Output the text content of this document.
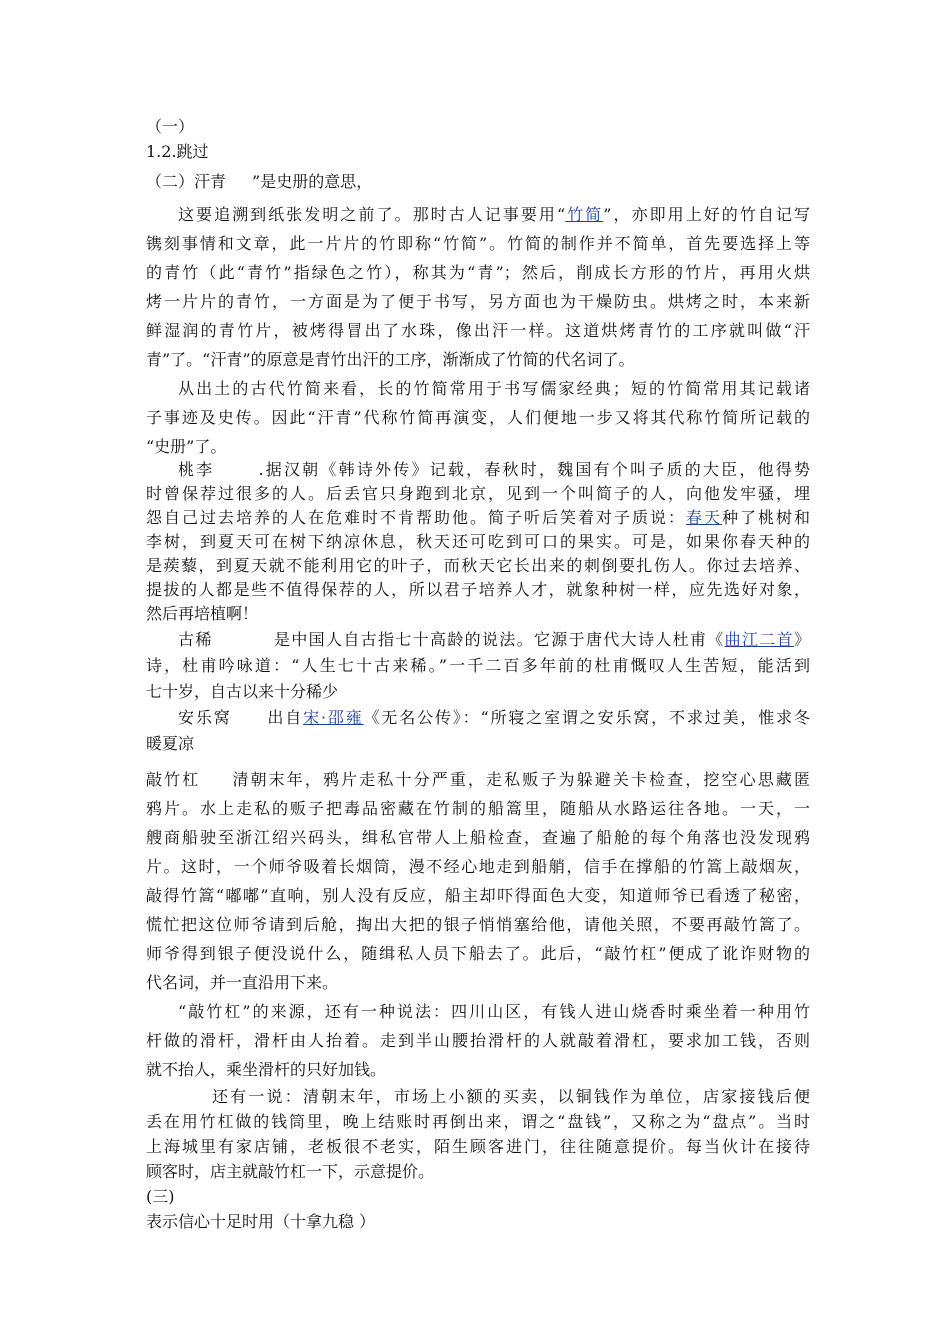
（一）
1.2.跳过
（二）汗青 ”是史册的意思，
这要追溯到纸张发明之前了。那时古人记事要用“竹简”，亦即用上好的竹自记写
镌刻事情和文章，此一片片的竹即称“竹简”。竹简的制作并不简单，首先要选择上等
的青竹（此“青竹”指绿色之竹），称其为“青”；然后，削成长方形的竹片，再用火烘
烤一片片的青竹，一方面是为了便于书写，另方面也为干燥防虫。烘烤之时，本来新
鲜湿润的青竹片，被烤得冒出了水珠，像出汗一样。这道烘烤青竹的工序就叫做“汗
青”了。“汗青”的原意是青竹出汗的工序，渐渐成了竹简的代名词了。
从出土的古代竹简来看，长的竹简常用于书写儒家经典；短的竹简常用其记载诸
子事迹及史传。因此“汗青”代称竹简再演变，人们便地一步又将其代称竹简所记载的
“史册”了。
桃李	.据汉朝《韩诗外传》记载，春秋时，魏国有个叫子质的大臣，他得势
时曾保荐过很多的人。后丢官只身跑到北京，见到一个叫简子的人，向他发牢骚，埋
怨自己过去培养的人在危难时不肯帮助他。简子听后笑着对子质说：春天种了桃树和
李树，到夏天可在树下纳凉休息，秋天还可吃到可口的果实。可是，如果你春天种的
是蒺藜，到夏天就不能利用它的叶子，而秋天它长出来的刺倒要扎伤人。你过去培养、
提拔的人都是些不值得保荐的人，所以君子培养人才，就象种树一样，应先选好对象，
然后再培植啊！
古稀	是中国人自古指七十高龄的说法。它源于唐代大诗人杜甫《曲江二首》
诗，杜甫吟咏道：“人生七十古来稀。”一千二百多年前的杜甫慨叹人生苦短，能活到
七十岁，自古以来十分稀少
安乐窝 出自宋·邵雍《无名公传》：“所寝之室谓之安乐窝，不求过美，惟求冬
暖夏凉
敲竹杠 清朝末年，鸦片走私十分严重，走私贩子为躲避关卡检查，挖空心思藏匿
鸦片。水上走私的贩子把毒品密藏在竹制的船篙里，随船从水路运往各地。一天，一
艘商船驶至浙江绍兴码头，缉私官带人上船检查，查遍了船舱的每个角落也没发现鸦
片。这时，一个师爷吸着长烟筒，漫不经心地走到船艄，信手在撑船的竹篙上敲烟灰，
敲得竹篙“嘟嘟”直响，别人没有反应，船主却吓得面色大变，知道师爷已看透了秘密，
慌忙把这位师爷请到后舱，掏出大把的银子悄悄塞给他，请他关照，不要再敲竹篙了。
师爷得到银子便没说什么，随缉私人员下船去了。此后，“敲竹杠”便成了讹诈财物的
代名词，并一直沿用下来。
“敲竹杠”的来源，还有一种说法：四川山区，有钱人进山烧香时乘坐着一种用竹
杆做的滑杆，滑杆由人抬着。走到半山腰抬滑杆的人就敲着滑杠，要求加工钱，否则
就不抬人，乘坐滑杆的只好加钱。
还有一说：清朝末年，市场上小额的买卖，以铜钱作为单位，店家接钱后便
丢在用竹杠做的钱筒里，晚上结账时再倒出来，谓之“盘钱”，又称之为“盘点”。当时
上海城里有家店铺，老板很不老实，陌生顾客进门，往往随意提价。每当伙计在接待
顾客时，店主就敲竹杠一下，示意提价。
(三)
表示信心十足时用（十拿九稳 ）
